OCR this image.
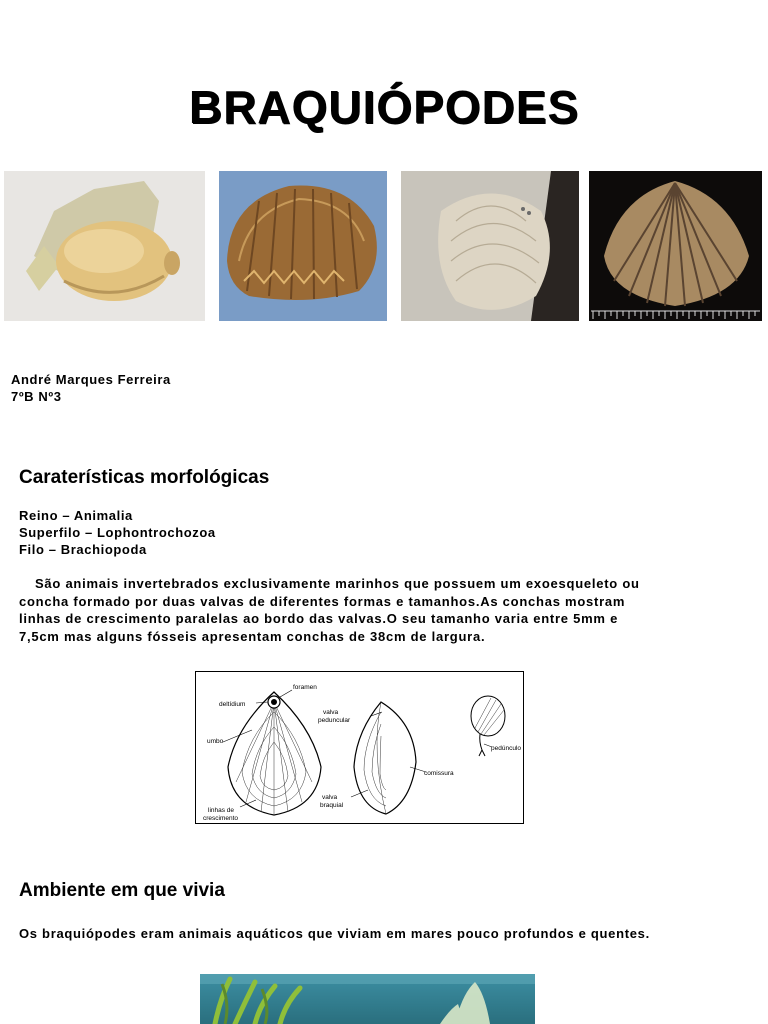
BRAQUIÓPODES
André Marques Ferreira
7ºB Nº3
Caraterísticas morfológicas
Reino – Animalia
Superfilo – Lophontrochozoa
Filo – Brachiopoda
São animais invertebrados exclusivamente marinhos que possuem um exoesqueleto ou
concha formado por duas valvas de diferentes formas e tamanhos.As conchas mostram
linhas de crescimento paralelas ao bordo das valvas.O seu tamanho varia entre 5mm e
7,5cm mas alguns fósseis apresentam conchas de 38cm de largura.
foramen
deltídium
umbo
linhas de
crescimento
valva
peduncular
valva
braquial
comissura
pedúnculo
Ambiente em que vivia
Os braquiópodes eram animais aquáticos que viviam em mares pouco profundos e quentes.
